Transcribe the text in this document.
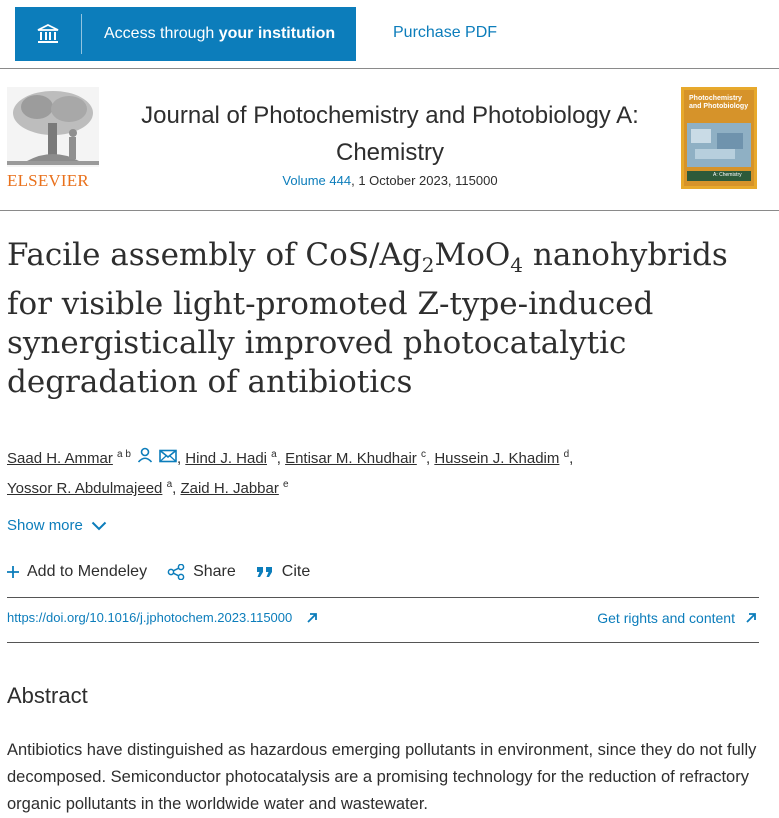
Access through your institution	Purchase PDF
ELSEVIER
Journal of Photochemistry and Photobiology A: Chemistry
Volume 444, 1 October 2023, 115000
Photochemistry and Photobiology
A: Chemistry
Facile assembly of CoS/$Ag_2MoO_4$ nanohybrids for visible light-promoted Z-type-induced synergistically improved photocatalytic degradation of antibiotics
Saad H. Ammar $^{a b}$	, Hind J. Hadi $^a$, Entisar M. Khudhair $^c$, Hussein J. Khadim $^d$,
Yossor R. Abdulmajeed $^a$, Zaid H. Jabbar $^e$
Show more
Add to Mendeley	Share	Cite
https://doi.org/10.1016/j.jphotochem.2023.115000	Get rights and content
Abstract

Antibiotics have distinguished as hazardous emerging pollutants in environment, since they do not fully decomposed. Semiconductor photocatalysis are a promising technology for the reduction of refractory organic pollutants in the worldwide water and wastewater.
